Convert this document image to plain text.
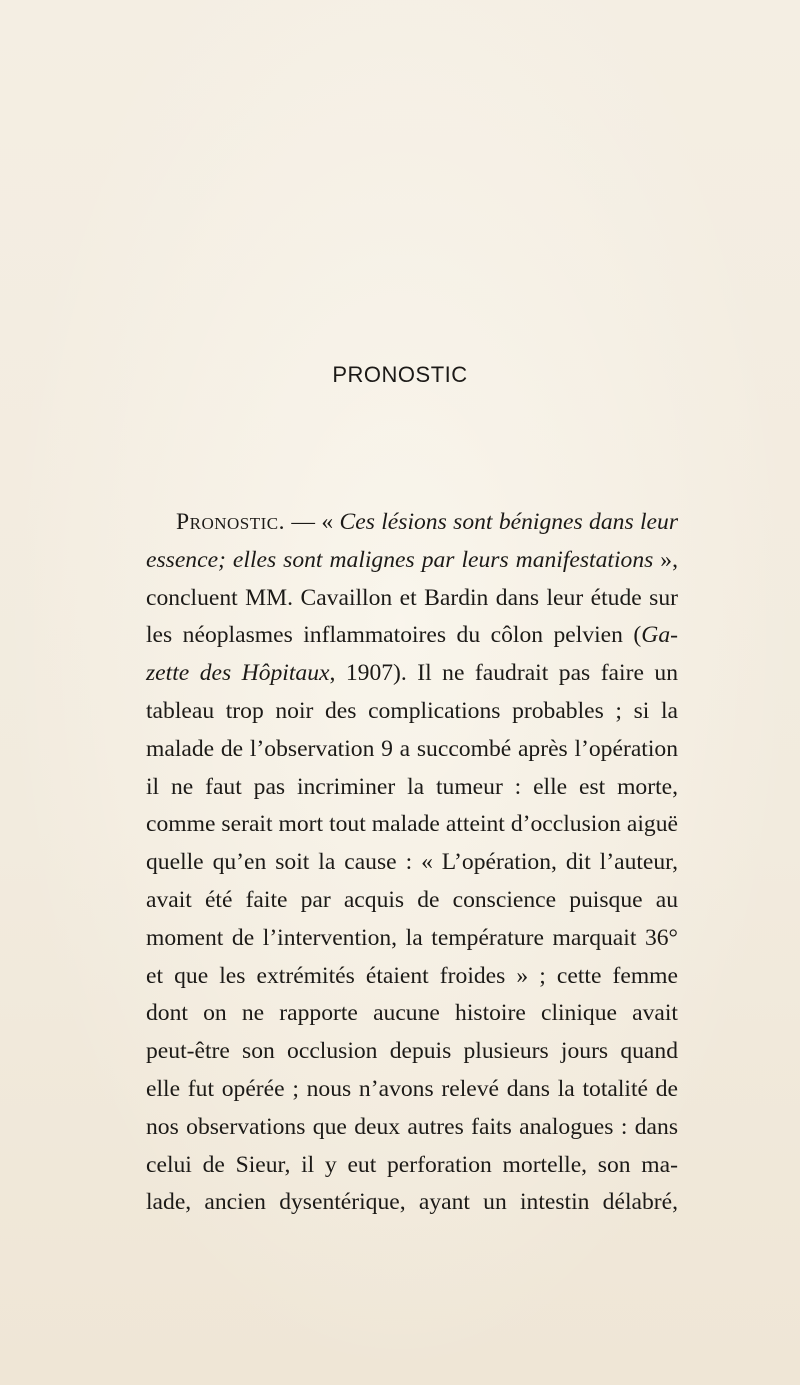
PRONOSTIC
Pronostic. — « Ces lésions sont bénignes dans leur
essence; elles sont malignes par leurs manifestations »,
concluent MM. Cavaillon et Bardin dans leur étude sur
les néoplasmes inflammatoires du côlon pelvien (Ga-
zette des Hôpitaux, 1907). Il ne faudrait pas faire un
tableau trop noir des complications probables ; si la
malade de l’observation 9 a succombé après l’opération
il ne faut pas incriminer la tumeur : elle est morte,
comme serait mort tout malade atteint d’occlusion aiguë
quelle qu’en soit la cause : « L’opération, dit l’auteur,
avait été faite par acquis de conscience puisque au
moment de l’intervention, la température marquait 36°
et que les extrémités étaient froides » ; cette femme
dont on ne rapporte aucune histoire clinique avait
peut-être son occlusion depuis plusieurs jours quand
elle fut opérée ; nous n’avons relevé dans la totalité de
nos observations que deux autres faits analogues : dans
celui de Sieur, il y eut perforation mortelle, son ma-
lade, ancien dysentérique, ayant un intestin délabré,
